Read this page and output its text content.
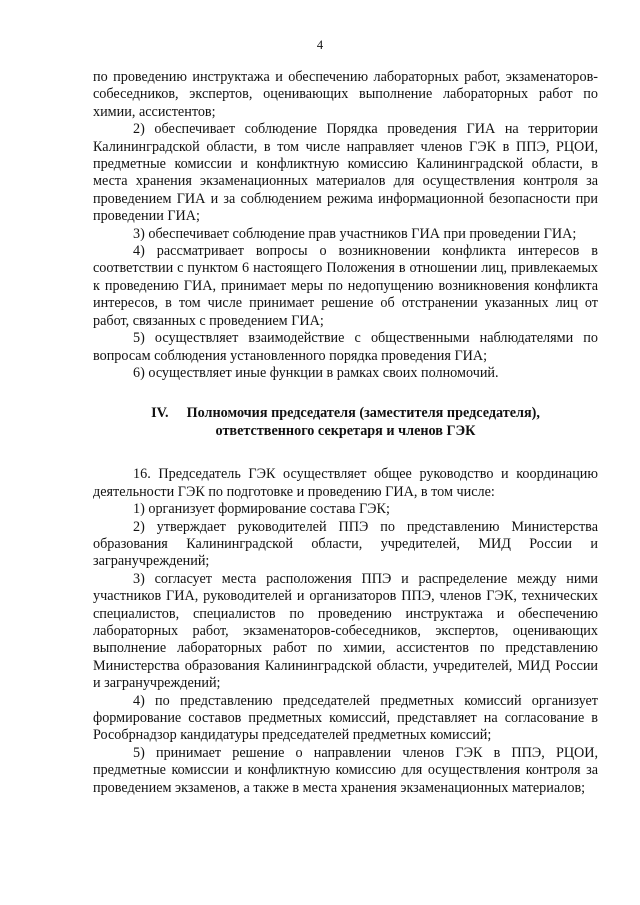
4

по проведению инструктажа и обеспечению лабораторных работ, экзаменаторов-собеседников, экспертов, оценивающих выполнение лабораторных работ по химии, ассистентов;

2) обеспечивает соблюдение Порядка проведения ГИА на территории Калининградской области, в том числе направляет членов ГЭК в ППЭ, РЦОИ, предметные комиссии и конфликтную комиссию Калининградской области, в места хранения экзаменационных материалов для осуществления контроля за проведением ГИА и за соблюдением режима информационной безопасности при проведении ГИА;

3) обеспечивает соблюдение прав участников ГИА при проведении ГИА;

4) рассматривает вопросы о возникновении конфликта интересов в соответствии с пунктом 6 настоящего Положения в отношении лиц, привлекаемых к проведению ГИА, принимает меры по недопущению возникновения конфликта интересов, в том числе принимает решение об отстранении указанных лиц от работ, связанных с проведением ГИА;

5) осуществляет взаимодействие с общественными наблюдателями по вопросам соблюдения установленного порядка проведения ГИА;

6) осуществляет иные функции в рамках своих полномочий.

IV. Полномочия председателя (заместителя председателя),
ответственного секретаря и членов ГЭК

16. Председатель ГЭК осуществляет общее руководство и координацию деятельности ГЭК по подготовке и проведению ГИА, в том числе:

1) организует формирование состава ГЭК;

2) утверждает руководителей ППЭ по представлению Министерства образования Калининградской области, учредителей, МИД России и загранучреждений;

3) согласует места расположения ППЭ и распределение между ними участников ГИА, руководителей и организаторов ППЭ, членов ГЭК, технических специалистов, специалистов по проведению инструктажа и обеспечению лабораторных работ, экзаменаторов-собеседников, экспертов, оценивающих выполнение лабораторных работ по химии, ассистентов по представлению Министерства образования Калининградской области, учредителей, МИД России и загранучреждений;

4) по представлению председателей предметных комиссий организует формирование составов предметных комиссий, представляет на согласование в Рособрнадзор кандидатуры председателей предметных комиссий;

5) принимает решение о направлении членов ГЭК в ППЭ, РЦОИ, предметные комиссии и конфликтную комиссию для осуществления контроля за проведением экзаменов, а также в места хранения экзаменационных материалов;
